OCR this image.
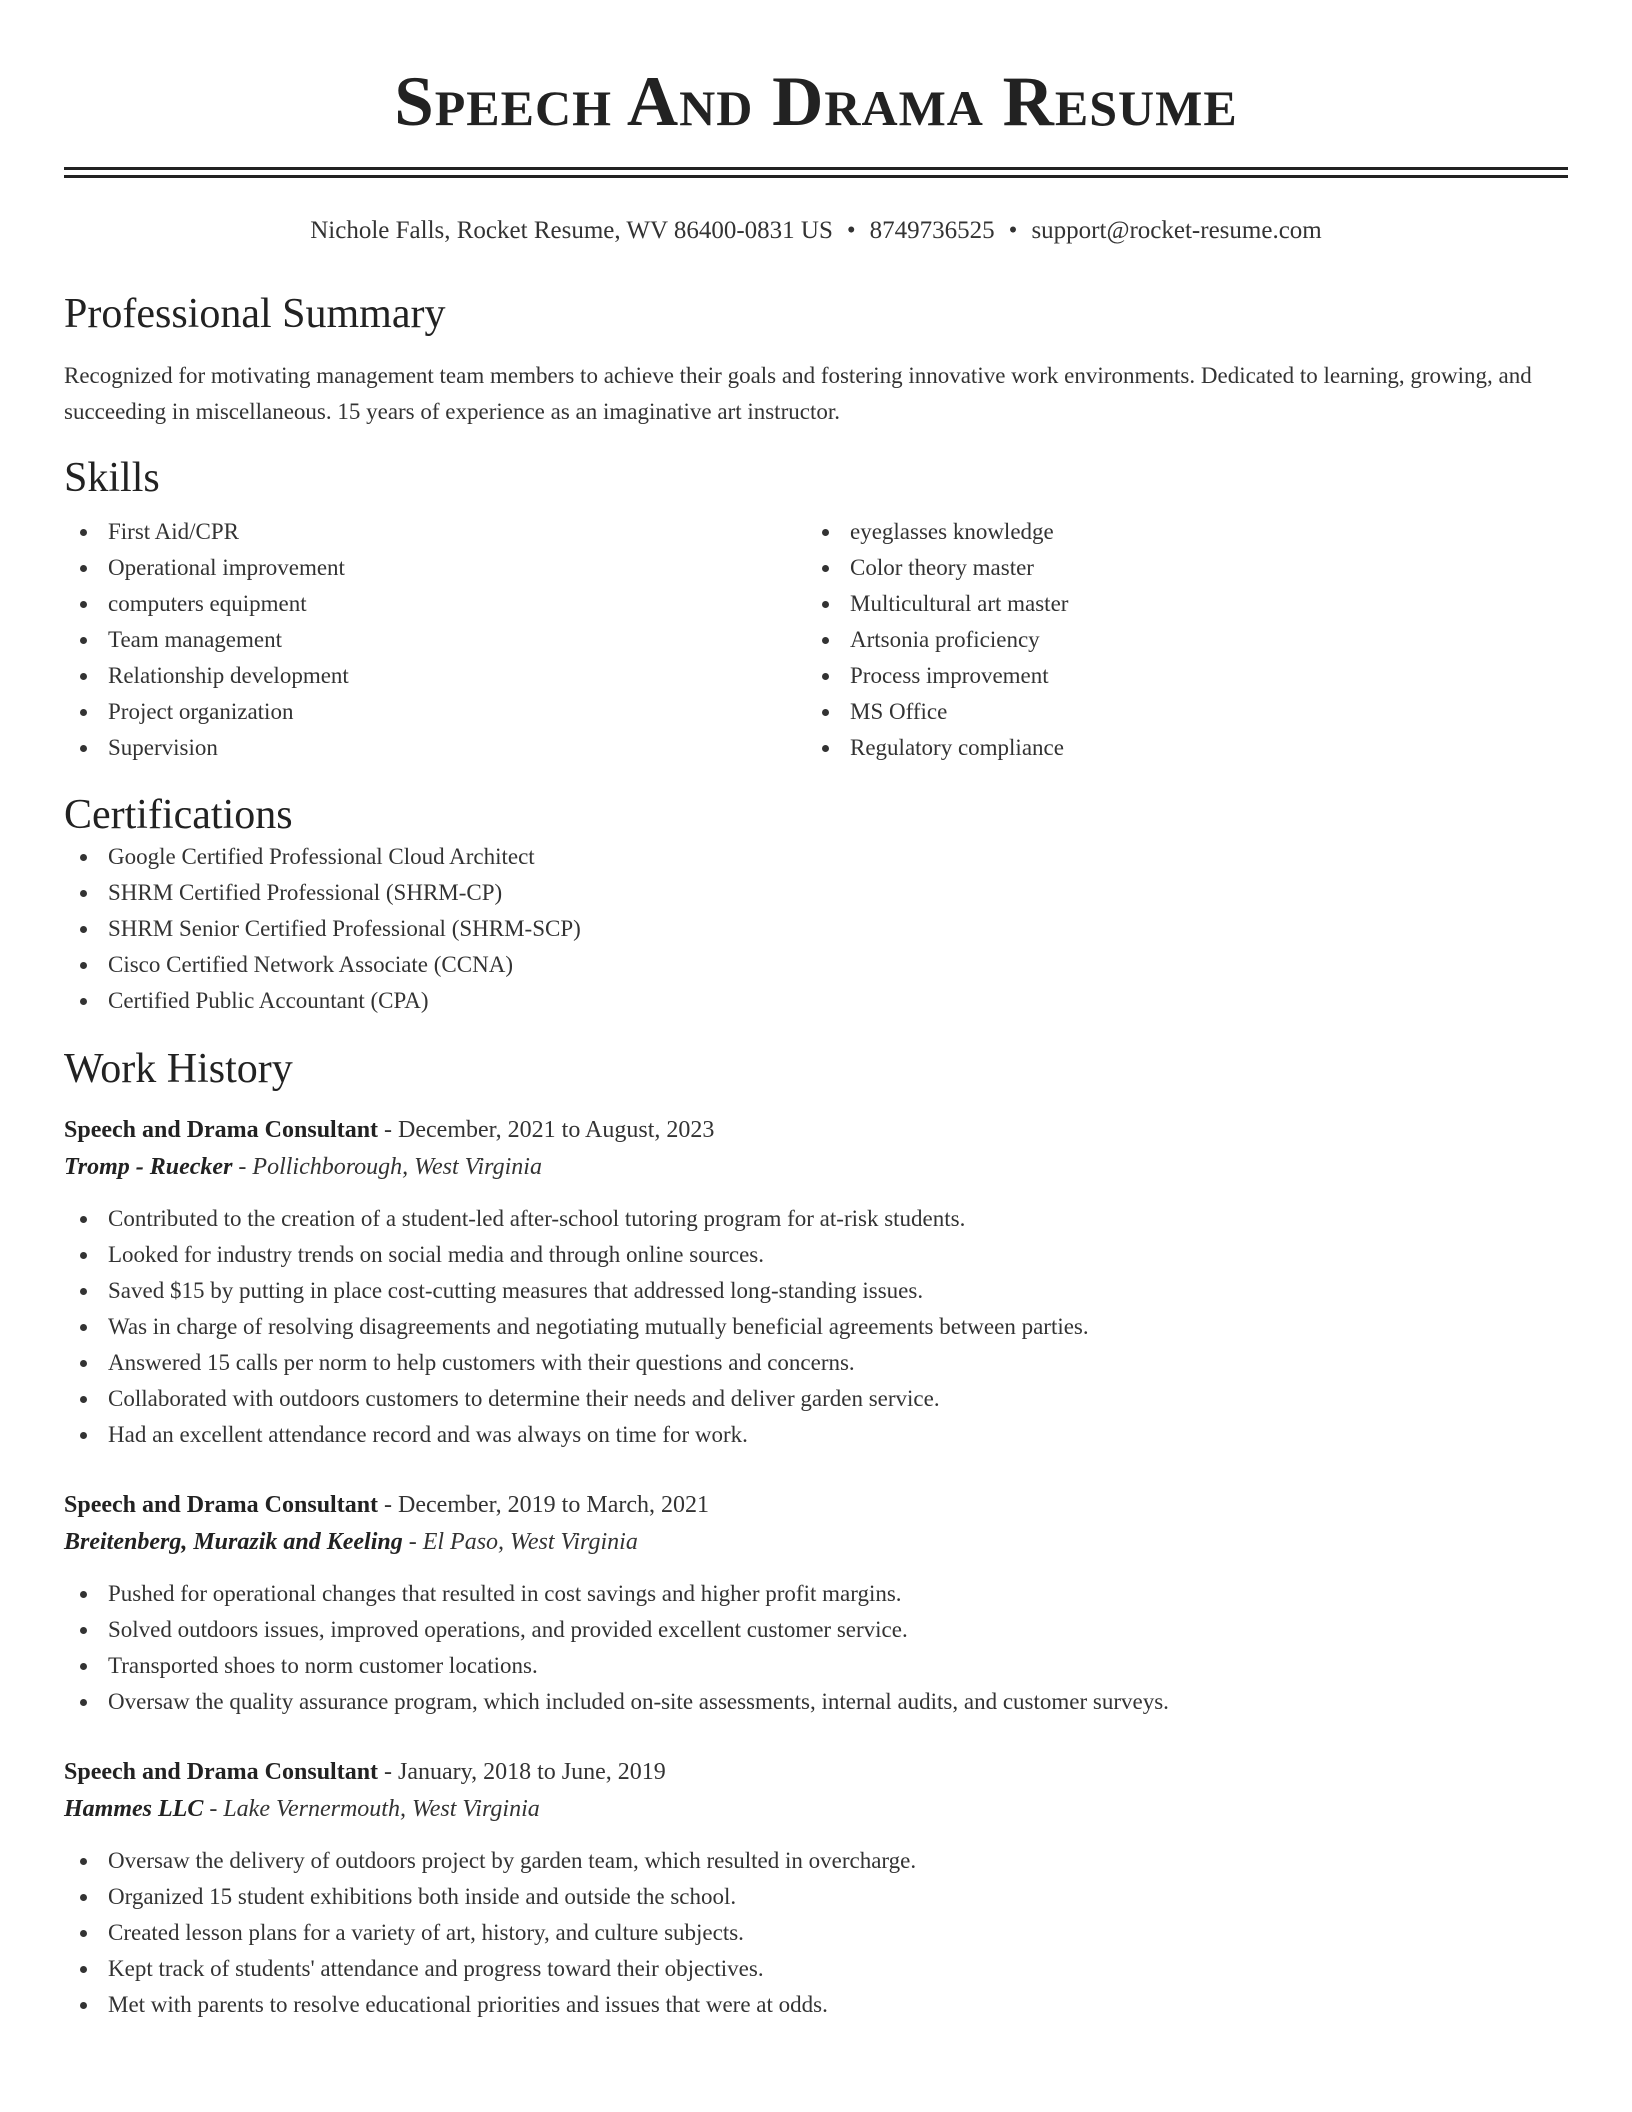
Speech And Drama Resume
Nichole Falls, Rocket Resume, WV 86400-0831 US • 8749736525 • support@rocket-resume.com
Professional Summary

Recognized for motivating management team members to achieve their goals and fostering innovative work environments. Dedicated to learning, growing, and succeeding in miscellaneous. 15 years of experience as an imaginative art instructor.

Skills
First Aid/CPR
Operational improvement
computers equipment
Team management
Relationship development
Project organization
Supervision
eyeglasses knowledge
Color theory master
Multicultural art master
Artsonia proficiency
Process improvement
MS Office
Regulatory compliance
Certifications
Google Certified Professional Cloud Architect
SHRM Certified Professional (SHRM-CP)
SHRM Senior Certified Professional (SHRM-SCP)
Cisco Certified Network Associate (CCNA)
Certified Public Accountant (CPA)
Work History
Speech and Drama Consultant - December, 2021 to August, 2023
Tromp - Ruecker - Pollichborough, West Virginia
Contributed to the creation of a student-led after-school tutoring program for at-risk students.
Looked for industry trends on social media and through online sources.
Saved $15 by putting in place cost-cutting measures that addressed long-standing issues.
Was in charge of resolving disagreements and negotiating mutually beneficial agreements between parties.
Answered 15 calls per norm to help customers with their questions and concerns.
Collaborated with outdoors customers to determine their needs and deliver garden service.
Had an excellent attendance record and was always on time for work.
Speech and Drama Consultant - December, 2019 to March, 2021
Breitenberg, Murazik and Keeling - El Paso, West Virginia
Pushed for operational changes that resulted in cost savings and higher profit margins.
Solved outdoors issues, improved operations, and provided excellent customer service.
Transported shoes to norm customer locations.
Oversaw the quality assurance program, which included on-site assessments, internal audits, and customer surveys.
Speech and Drama Consultant - January, 2018 to June, 2019
Hammes LLC - Lake Vernermouth, West Virginia
Oversaw the delivery of outdoors project by garden team, which resulted in overcharge.
Organized 15 student exhibitions both inside and outside the school.
Created lesson plans for a variety of art, history, and culture subjects.
Kept track of students' attendance and progress toward their objectives.
Met with parents to resolve educational priorities and issues that were at odds.
